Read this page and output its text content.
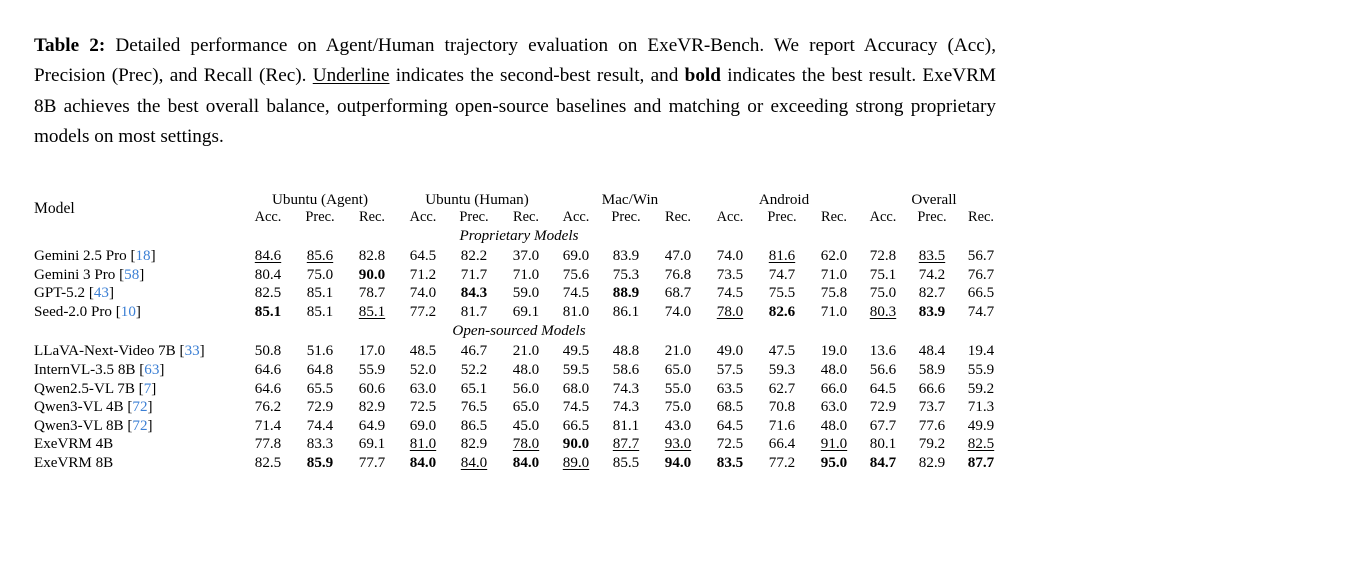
Table 2: Detailed performance on Agent/Human trajectory evaluation on ExeVR-Bench. We report Accuracy (Acc), Precision (Prec), and Recall (Rec). Underline indicates the second-best result, and bold indicates the best result. ExeVRM 8B achieves the best overall balance, outperforming open-source baselines and matching or exceeding strong proprietary models on most settings.

Model	Ubuntu (Agent)			Ubuntu (Human)			Mac/Win			Android			Overall		
	Acc.	Prec.	Rec.	Acc.	Prec.	Rec.	Acc.	Prec.	Rec.	Acc.	Prec.	Rec.	Acc.	Prec.	Rec.

Proprietary Models															

Gemini 2.5 Pro [18]	84.6	85.6	82.8	64.5	82.2	37.0	69.0	83.9	47.0	74.0	81.6	62.0	72.8	83.5	56.7
Gemini 3 Pro [58]	80.4	75.0	90.0	71.2	71.7	71.0	75.6	75.3	76.8	73.5	74.7	71.0	75.1	74.2	76.7
GPT-5.2 [43]	82.5	85.1	78.7	74.0	84.3	59.0	74.5	88.9	68.7	74.5	75.5	75.8	75.0	82.7	66.5
Seed-2.0 Pro [10]	85.1	85.1	85.1	77.2	81.7	69.1	81.0	86.1	74.0	78.0	82.6	71.0	80.3	83.9	74.7
Open-sourced Models															

LLaVA-Next-Video 7B [33]	50.8	51.6	17.0	48.5	46.7	21.0	49.5	48.8	21.0	49.0	47.5	19.0	13.6	48.4	19.4
InternVL-3.5 8B [63]	64.6	64.8	55.9	52.0	52.2	48.0	59.5	58.6	65.0	57.5	59.3	48.0	56.6	58.9	55.9
Qwen2.5-VL 7B [7]	64.6	65.5	60.6	63.0	65.1	56.0	68.0	74.3	55.0	63.5	62.7	66.0	64.5	66.6	59.2
Qwen3-VL 4B [72]	76.2	72.9	82.9	72.5	76.5	65.0	74.5	74.3	75.0	68.5	70.8	63.0	72.9	73.7	71.3
Qwen3-VL 8B [72]	71.4	74.4	64.9	69.0	86.5	45.0	66.5	81.1	43.0	64.5	71.6	48.0	67.7	77.6	49.9

ExeVRM 4B	77.8	83.3	69.1	81.0	82.9	78.0	90.0	87.7	93.0	72.5	66.4	91.0	80.1	79.2	82.5
ExeVRM 8B	82.5	85.9	77.7	84.0	84.0	84.0	89.0	85.5	94.0	83.5	77.2	95.0	84.7	82.9	87.7
